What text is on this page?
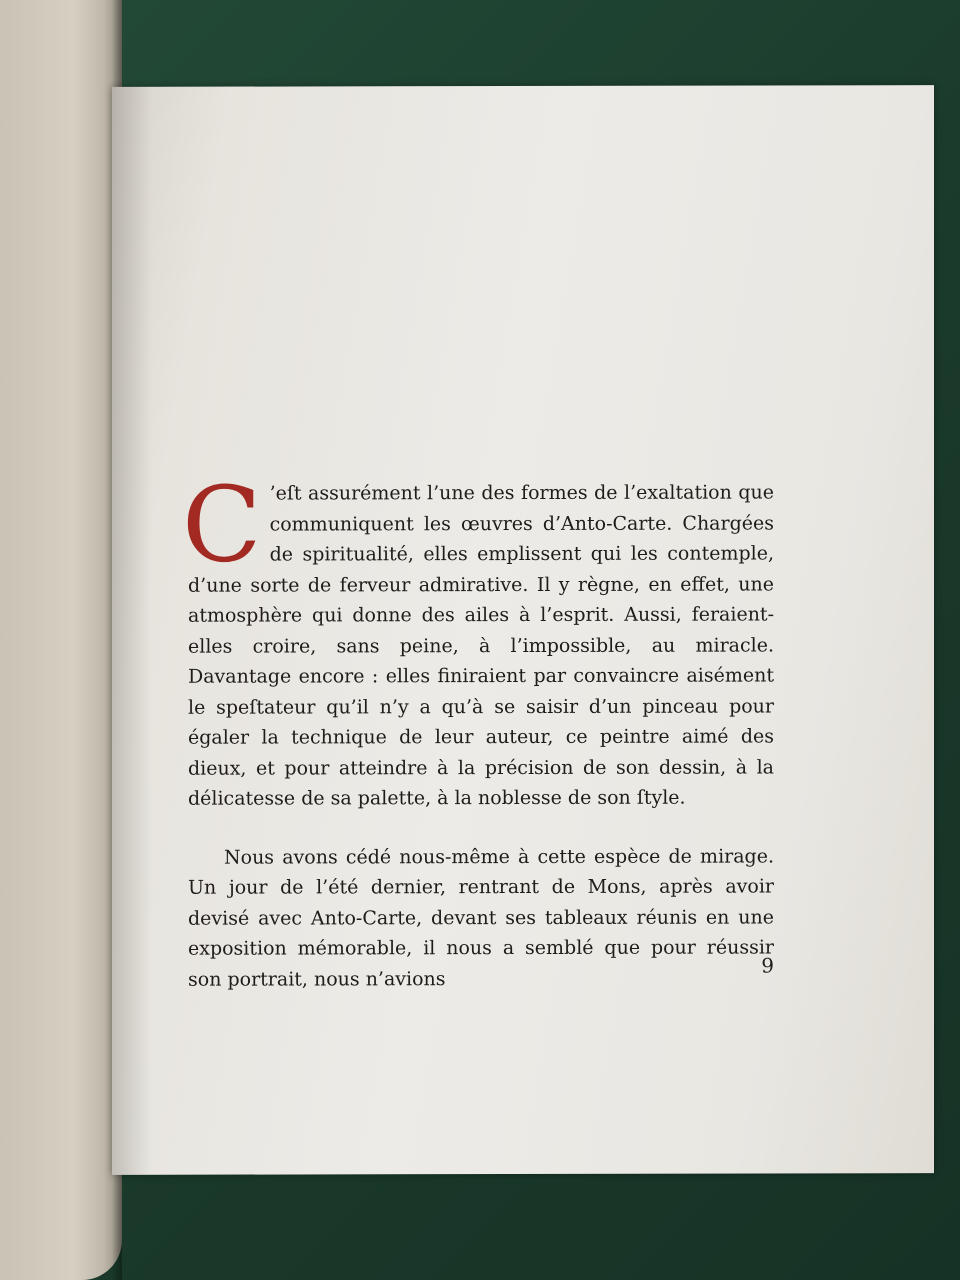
C ’eſt assurément l’une des formes de l’exaltation que communiquent les œuvres d’Anto-Carte. Chargées de spiritualité, elles emplissent qui les contemple, d’une sorte de ferveur admirative. Il y règne, en effet, une atmosphère qui donne des ailes à l’esprit. Aussi, feraient-elles croire, sans peine, à l’impossible, au miracle. Davantage encore : elles finiraient par convaincre aisément le speſtateur qu’il n’y a qu’à se saisir d’un pinceau pour égaler la technique de leur auteur, ce peintre aimé des dieux, et pour atteindre à la précision de son dessin, à la délicatesse de sa palette, à la noblesse de son ſtyle.

Nous avons cédé nous-même à cette espèce de mirage. Un jour de l’été dernier, rentrant de Mons, après avoir devisé avec Anto-Carte, devant ses tableaux réunis en une exposition mémorable, il nous a semblé que pour réussir son portrait, nous n’avions

9
